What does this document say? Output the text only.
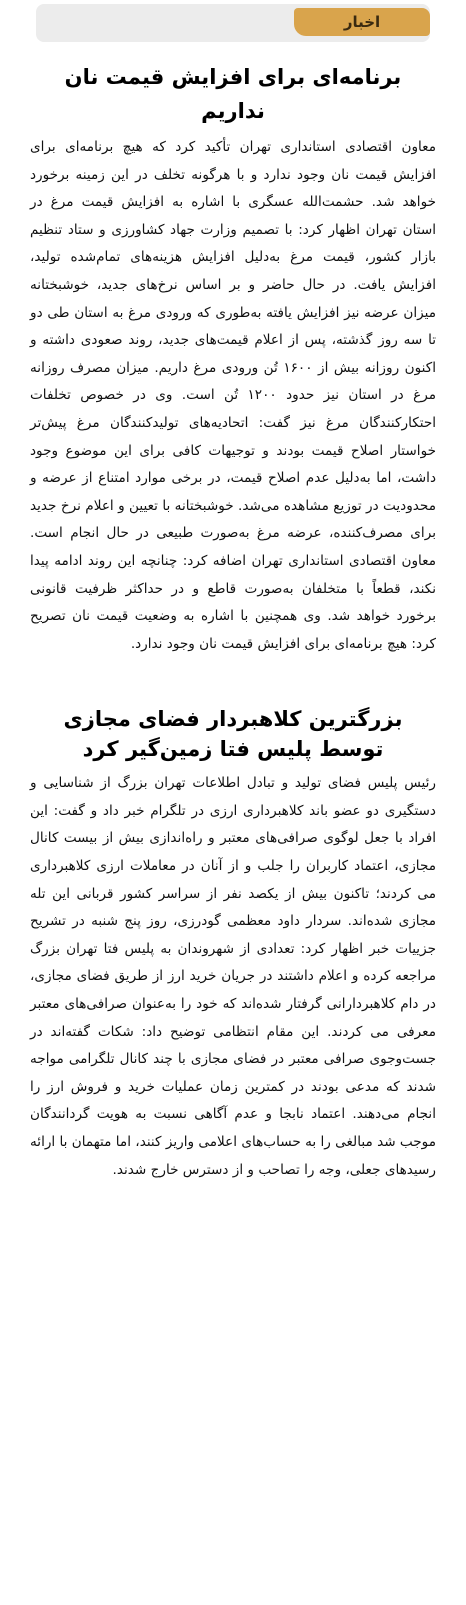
اخبار
برنامه‌ای برای افزایش قیمت نان نداریم

معاون اقتصادی استانداری تهران تأکید کرد که هیچ برنامه‌ای برای افزایش قیمت نان وجود ندارد و با هرگونه تخلف در این زمینه برخورد خواهد شد. حشمت‌الله عسگری با اشاره به افزایش قیمت مرغ در استان تهران اظهار کرد: با تصمیم وزارت جهاد کشاورزی و ستاد تنظیم بازار کشور، قیمت مرغ به‌دلیل افزایش هزینه‌های تمام‌شده تولید، افزایش یافت. در حال حاضر و بر اساس نرخ‌های جدید، خوشبختانه میزان عرضه نیز افزایش یافته به‌طوری که ورودی مرغ به استان طی دو تا سه روز گذشته، پس از اعلام قیمت‌های جدید، روند صعودی داشته و اکنون روزانه بیش از ۱۶۰۰ تُن ورودی مرغ داریم. میزان مصرف روزانه مرغ در استان نیز حدود ۱۲۰۰ تُن است. وی در خصوص تخلفات احتکارکنندگان مرغ نیز گفت: اتحادیه‌های تولیدکنندگان مرغ پیش‌تر خواستار اصلاح قیمت بودند و توجیهات کافی برای این موضوع وجود داشت، اما به‌دلیل عدم اصلاح قیمت، در برخی موارد امتناع از عرضه و محدودیت در توزیع مشاهده می‌شد. خوشبختانه با تعیین و اعلام نرخ جدید برای مصرف‌کننده، عرضه مرغ به‌صورت طبیعی در حال انجام است. معاون اقتصادی استانداری تهران اضافه کرد: چنانچه این روند ادامه پیدا نکند، قطعاً با متخلفان به‌صورت قاطع و در حداکثر ظرفیت قانونی برخورد خواهد شد. وی همچنین با اشاره به وضعیت قیمت نان تصریح کرد: هیچ برنامه‌ای برای افزایش قیمت نان وجود ندارد.

بزرگترین کلاهبردار فضای مجازی توسط پلیس فتا زمین‌گیر کرد

رئیس پلیس فضای تولید و تبادل اطلاعات تهران بزرگ از شناسایی و دستگیری دو عضو باند کلاهبرداری ارزی در تلگرام خبر داد و گفت: این افراد با جعل لوگوی صرافی‌های معتبر و راه‌اندازی بیش از بیست کانال مجازی، اعتماد کاربران را جلب و از آنان در معاملات ارزی کلاهبرداری می کردند؛ تاکنون بیش از یکصد نفر از سراسر کشور قربانی این تله مجازی شده‌اند. سردار داود معظمی گودرزی، روز پنج شنبه در تشریح جزییات خبر اظهار کرد: تعدادی از شهروندان به پلیس فتا تهران بزرگ مراجعه کرده و اعلام داشتند در جریان خرید ارز از طریق فضای مجازی، در دام کلاهبردارانی گرفتار شده‌اند که خود را به‌عنوان صرافی‌های معتبر معرفی می کردند. این مقام انتظامی توضیح داد: شکات گفته‌اند در جست‌وجوی صرافی معتبر در فضای مجازی با چند کانال تلگرامی مواجه شدند که مدعی بودند در کمترین زمان عملیات خرید و فروش ارز را انجام می‌دهند. اعتماد نابجا و عدم آگاهی نسبت به هویت گردانندگان موجب شد مبالغی را به حساب‌های اعلامی واریز کنند، اما متهمان با ارائه رسیدهای جعلی، وجه را تصاحب و از دسترس خارج شدند.
